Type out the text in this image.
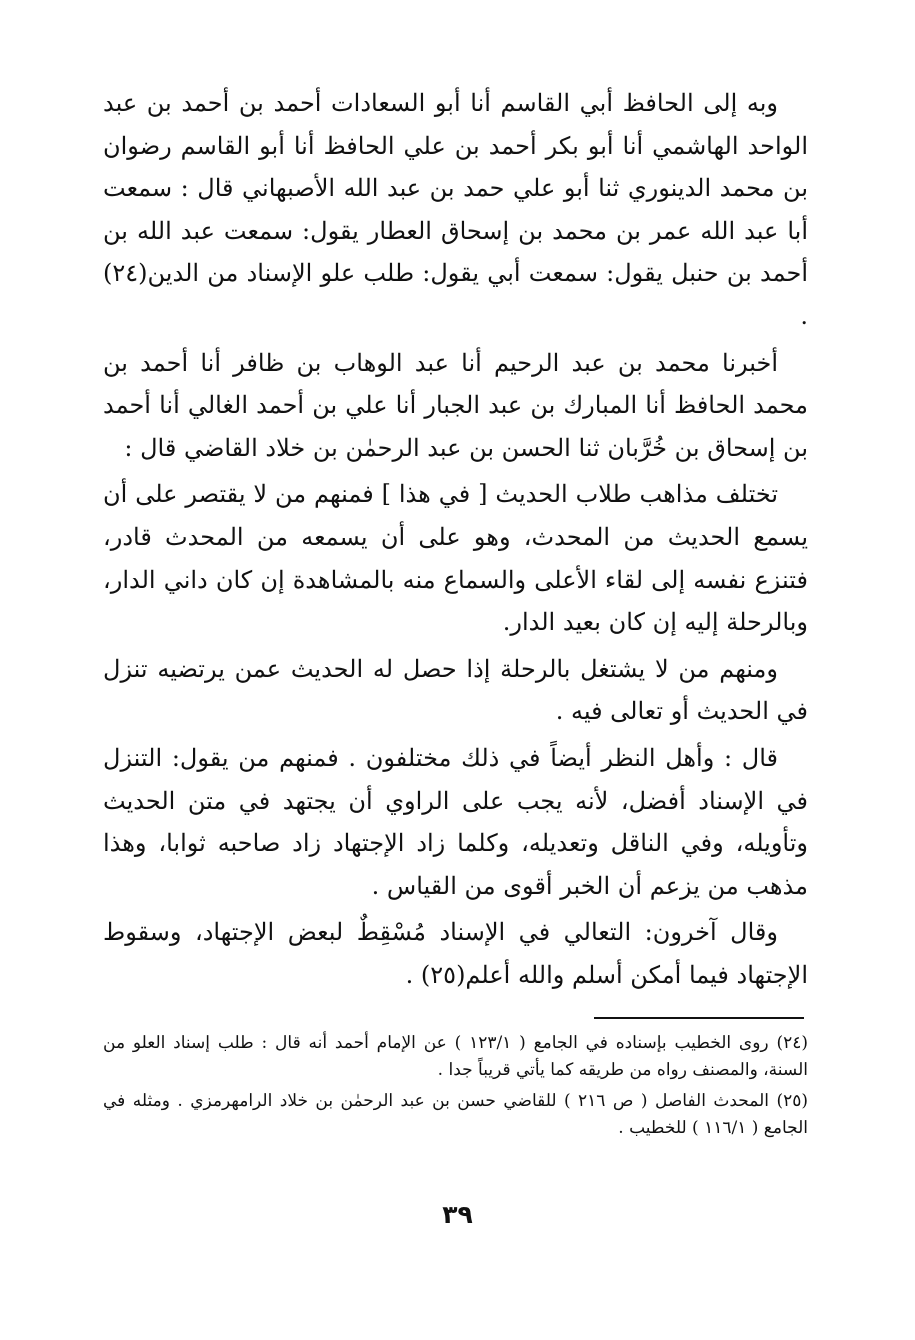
وبه إلى الحافظ أبي القاسم أنا أبو السعادات أحمد بن أحمد بن عبد الواحد الهاشمي أنا أبو بكر أحمد بن علي الحافظ أنا أبو القاسم رضوان بن محمد الدينوري ثنا أبو علي حمد بن عبد الله الأصبهاني قال : سمعت أبا عبد الله عمر بن محمد بن إسحاق العطار يقول: سمعت عبد الله بن أحمد بن حنبل يقول: سمعت أبي يقول: طلب علو الإسناد من الدين(٢٤) .

أخبرنا محمد بن عبد الرحيم أنا عبد الوهاب بن ظافر أنا أحمد بن محمد الحافظ أنا المبارك بن عبد الجبار أنا علي بن أحمد الغالي أنا أحمد بن إسحاق بن خُرَّبان ثنا الحسن بن عبد الرحمٰن بن خلاد القاضي قال :

تختلف مذاهب طلاب الحديث [ في هذا ] فمنهم من لا يقتصر على أن يسمع الحديث من المحدث، وهو على أن يسمعه من المحدث قادر، فتنزع نفسه إلى لقاء الأعلى والسماع منه بالمشاهدة إن كان داني الدار، وبالرحلة إليه إن كان بعيد الدار.

ومنهم من لا يشتغل بالرحلة إذا حصل له الحديث عمن يرتضيه تنزل في الحديث أو تعالى فيه .

قال : وأهل النظر أيضاً في ذلك مختلفون . فمنهم من يقول: التنزل في الإسناد أفضل، لأنه يجب على الراوي أن يجتهد في متن الحديث وتأويله، وفي الناقل وتعديله، وكلما زاد الإجتهاد زاد صاحبه ثوابا، وهذا مذهب من يزعم أن الخبر أقوى من القياس .

وقال آخرون: التعالي في الإسناد مُسْقِطٌ لبعض الإجتهاد، وسقوط الإجتهاد فيما أمكن أسلم والله أعلم(٢٥) .

(٢٤) روى الخطيب بإسناده في الجامع ( ١٢٣/١ ) عن الإمام أحمد أنه قال : طلب إسناد العلو من السنة، والمصنف رواه من طريقه كما يأتي قريباً جدا .

(٢٥) المحدث الفاصل ( ص ٢١٦ ) للقاضي حسن بن عبد الرحمٰن بن خلاد الرامهرمزي . ومثله في الجامع ( ١١٦/١ ) للخطيب .

٣٩
